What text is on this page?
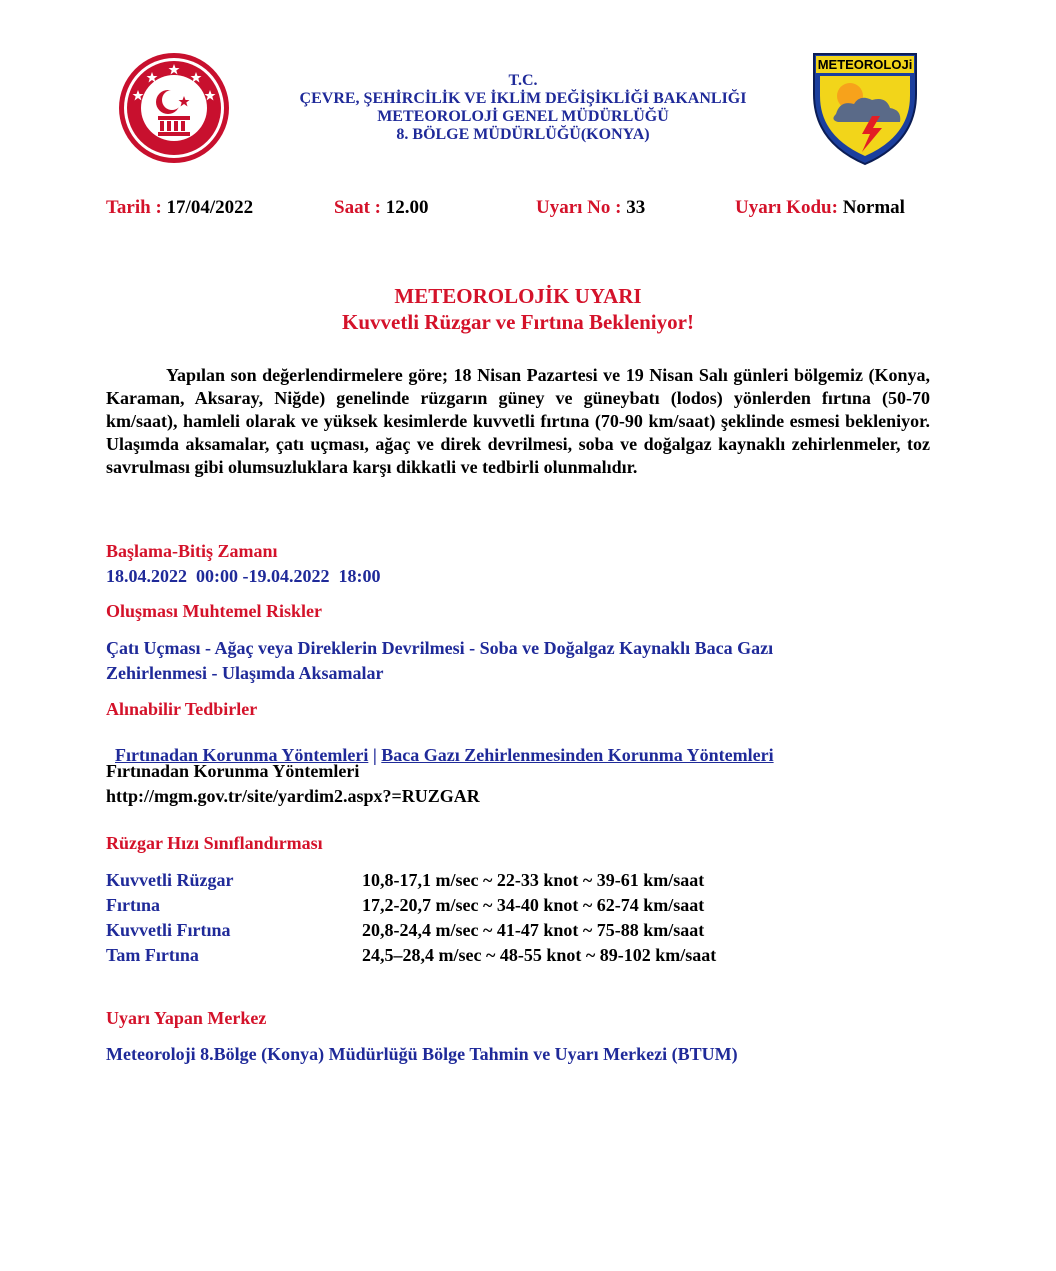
T.C.
ÇEVRE, ŞEHİRCİLİK VE İKLİM DEĞİŞİKLİĞİ BAKANLIĞI
METEOROLOJİ GENEL MÜDÜRLÜĞÜ
8. BÖLGE MÜDÜRLÜĞÜ(KONYA)
METEOROLOJi
Tarih : 17/04/2022	Saat : 12.00	Uyarı No : 33	Uyarı Kodu: Normal
METEOROLOJİK UYARI
Kuvvetli Rüzgar ve Fırtına Bekleniyor!
Yapılan son değerlendirmelere göre; 18 Nisan Pazartesi ve 19 Nisan Salı günleri bölgemiz (Konya, Karaman, Aksaray, Niğde) genelinde rüzgarın güney ve güneybatı (lodos) yönlerden fırtına (50-70 km/saat), hamleli olarak ve yüksek kesimlerde kuvvetli fırtına (70-90 km/saat) şeklinde esmesi bekleniyor. Ulaşımda aksamalar, çatı uçması, ağaç ve direk devrilmesi, soba ve doğalgaz kaynaklı zehirlenmeler, toz savrulması gibi olumsuzluklara karşı dikkatli ve tedbirli olunmalıdır.
Başlama-Bitiş Zamanı
18.04.2022  00:00 -19.04.2022  18:00
Oluşması Muhtemel Riskler
Çatı Uçması - Ağaç veya Direklerin Devrilmesi - Soba ve Doğalgaz Kaynaklı Baca Gazı
Zehirlenmesi - Ulaşımda Aksamalar
Alınabilir Tedbirler

Fırtınadan Korunma Yöntemleri | Baca Gazı Zehirlenmesinden Korunma Yöntemleri

Fırtınadan Korunma Yöntemleri
http://mgm.gov.tr/site/yardim2.aspx?=RUZGAR
Rüzgar Hızı Sınıflandırması
Kuvvetli Rüzgar	10,8-17,1 m/sec ~ 22-33 knot ~ 39-61 km/saat
Fırtına	17,2-20,7 m/sec ~ 34-40 knot ~ 62-74 km/saat
Kuvvetli Fırtına	20,8-24,4 m/sec ~ 41-47 knot ~ 75-88 km/saat
Tam Fırtına	24,5–28,4 m/sec ~ 48-55 knot ~ 89-102 km/saat
Uyarı Yapan Merkez
Meteoroloji 8.Bölge (Konya) Müdürlüğü Bölge Tahmin ve Uyarı Merkezi (BTUM)
